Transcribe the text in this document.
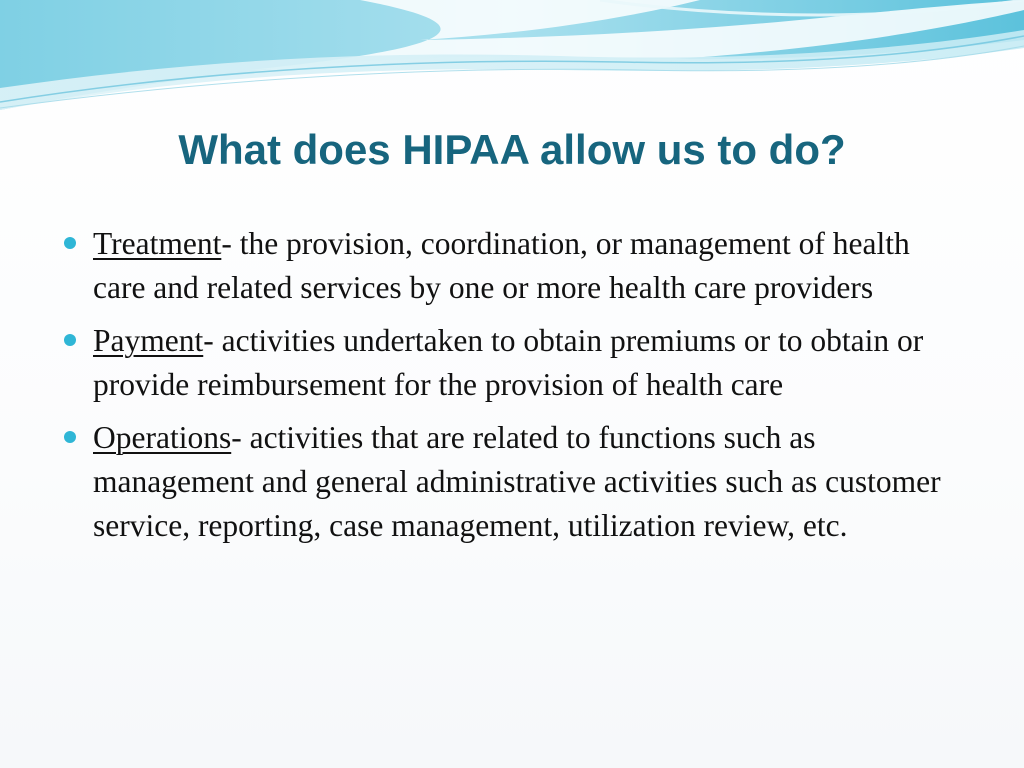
What does HIPAA allow us to do?
Treatment- the provision, coordination, or management of health care and related services by one or more health care providers
Payment- activities undertaken to obtain premiums or to obtain or provide reimbursement for the provision of health care
Operations- activities that are related to functions such as management and general administrative activities such as customer service, reporting, case management, utilization review, etc.
